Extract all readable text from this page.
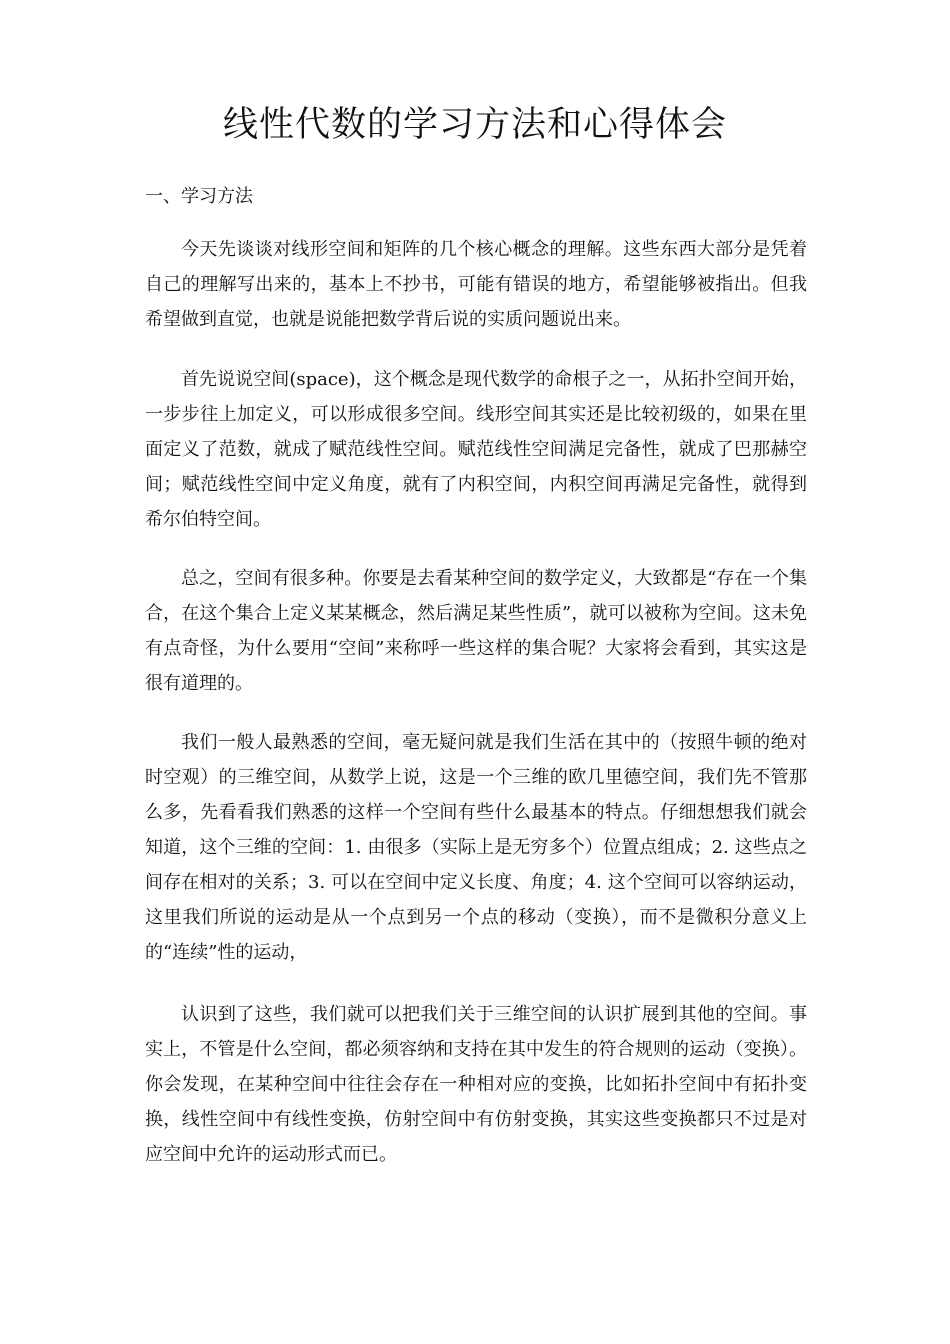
线性代数的学习方法和心得体会
一、学习方法

今天先谈谈对线形空间和矩阵的几个核心概念的理解。这些东西大部分是凭着自己的理解写出来的，基本上不抄书，可能有错误的地方，希望能够被指出。但我希望做到直觉，也就是说能把数学背后说的实质问题说出来。

首先说说空间(space)，这个概念是现代数学的命根子之一，从拓扑空间开始，一步步往上加定义，可以形成很多空间。线形空间其实还是比较初级的，如果在里面定义了范数，就成了赋范线性空间。赋范线性空间满足完备性，就成了巴那赫空间；赋范线性空间中定义角度，就有了内积空间，内积空间再满足完备性，就得到希尔伯特空间。

总之，空间有很多种。你要是去看某种空间的数学定义，大致都是“存在一个集合，在这个集合上定义某某概念，然后满足某些性质”，就可以被称为空间。这未免有点奇怪，为什么要用“空间”来称呼一些这样的集合呢？大家将会看到，其实这是很有道理的。

我们一般人最熟悉的空间，毫无疑问就是我们生活在其中的（按照牛顿的绝对时空观）的三维空间，从数学上说，这是一个三维的欧几里德空间，我们先不管那么多，先看看我们熟悉的这样一个空间有些什么最基本的特点。仔细想想我们就会知道，这个三维的空间：1. 由很多（实际上是无穷多个）位置点组成；2. 这些点之间存在相对的关系；3. 可以在空间中定义长度、角度；4. 这个空间可以容纳运动，这里我们所说的运动是从一个点到另一个点的移动（变换），而不是微积分意义上的“连续”性的运动，

认识到了这些，我们就可以把我们关于三维空间的认识扩展到其他的空间。事实上，不管是什么空间，都必须容纳和支持在其中发生的符合规则的运动（变换）。你会发现，在某种空间中往往会存在一种相对应的变换，比如拓扑空间中有拓扑变换，线性空间中有线性变换，仿射空间中有仿射变换，其实这些变换都只不过是对应空间中允许的运动形式而已。
